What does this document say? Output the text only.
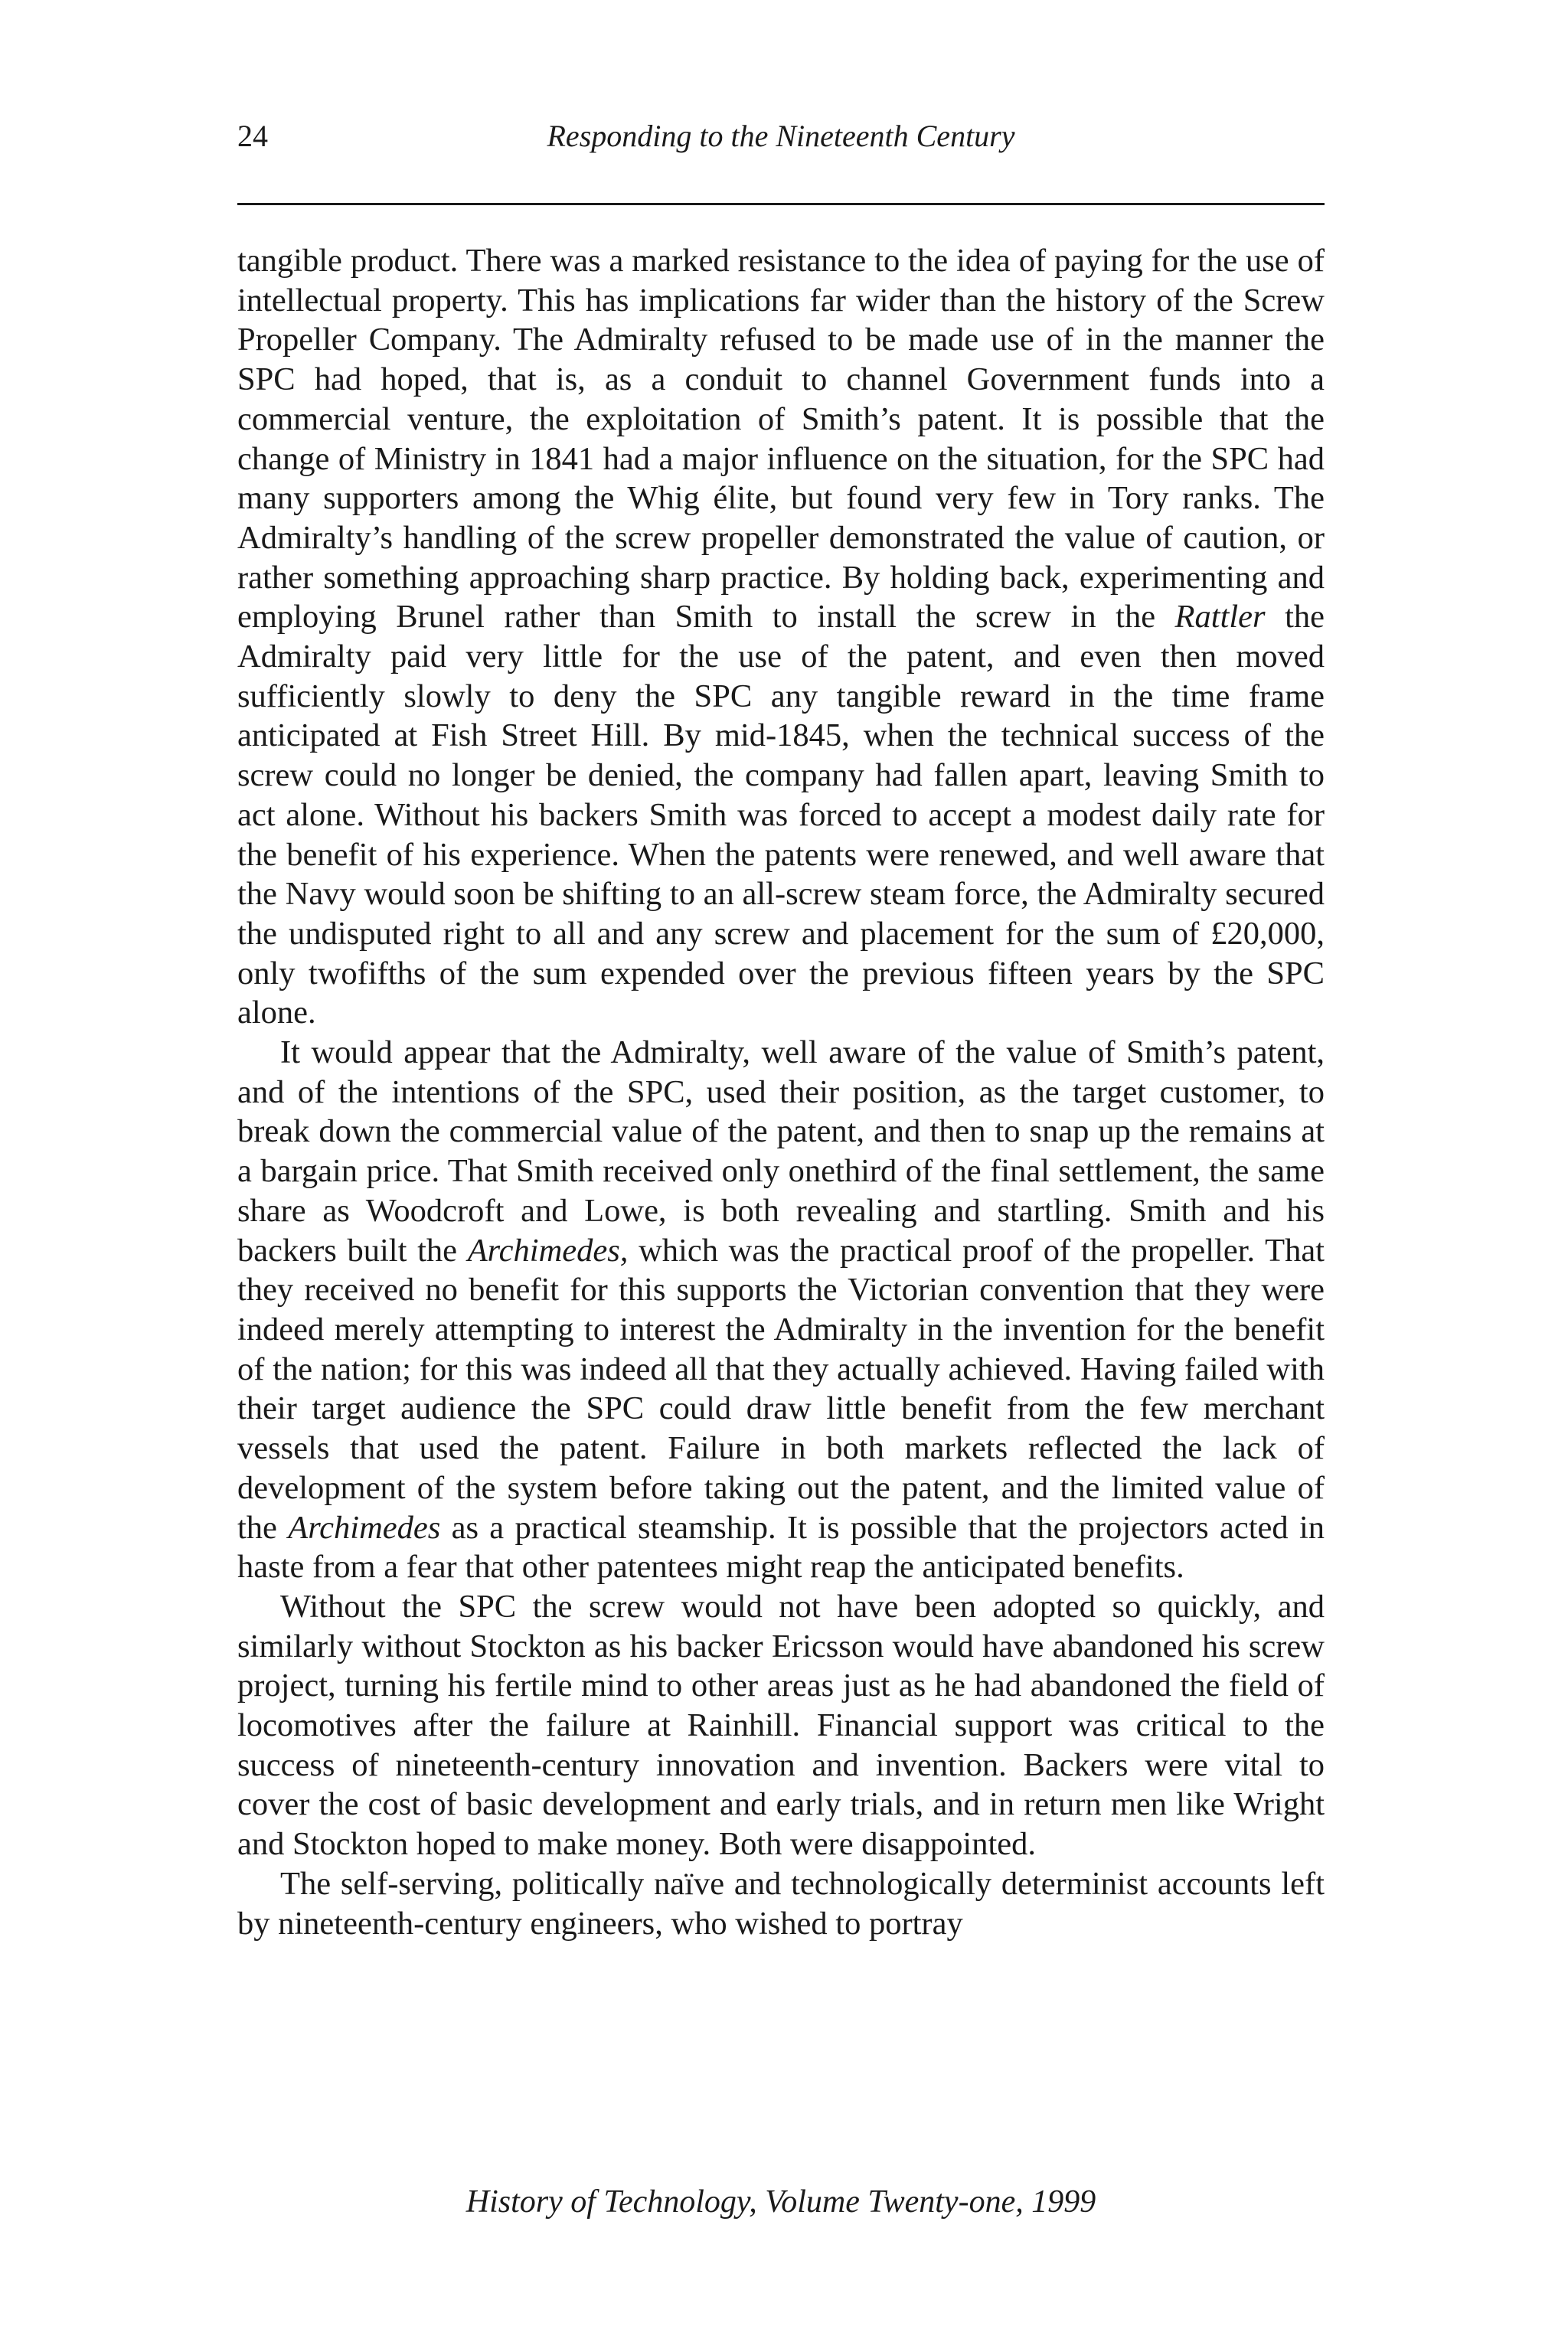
24	Responding to the Nineteenth Century

tangible product. There was a marked resistance to the idea of paying for the use of intellectual property. This has implications far wider than the history of the Screw Propeller Company. The Admiralty refused to be made use of in the manner the SPC had hoped, that is, as a conduit to channel Government funds into a commercial venture, the exploitation of Smith’s patent. It is possible that the change of Ministry in 1841 had a major influence on the situation, for the SPC had many supporters among the Whig élite, but found very few in Tory ranks. The Admiralty’s handling of the screw propeller demonstrated the value of caution, or rather something approaching sharp practice. By holding back, experimenting and employing Brunel rather than Smith to install the screw in the Rattler the Admiralty paid very little for the use of the patent, and even then moved sufficiently slowly to deny the SPC any tangible reward in the time frame anticipated at Fish Street Hill. By mid-1845, when the technical success of the screw could no longer be denied, the company had fallen apart, leaving Smith to act alone. Without his backers Smith was forced to accept a modest daily rate for the benefit of his experience. When the patents were renewed, and well aware that the Navy would soon be shifting to an all-screw steam force, the Admiralty secured the undisputed right to all and any screw and placement for the sum of £20,000, only twofifths of the sum expended over the previous fifteen years by the SPC alone.

It would appear that the Admiralty, well aware of the value of Smith’s patent, and of the intentions of the SPC, used their position, as the target customer, to break down the commercial value of the patent, and then to snap up the remains at a bargain price. That Smith received only onethird of the final settlement, the same share as Woodcroft and Lowe, is both revealing and startling. Smith and his backers built the Archimedes, which was the practical proof of the propeller. That they received no benefit for this supports the Victorian convention that they were indeed merely attempting to interest the Admiralty in the invention for the benefit of the nation; for this was indeed all that they actually achieved. Having failed with their target audience the SPC could draw little benefit from the few merchant vessels that used the patent. Failure in both markets reflected the lack of development of the system before taking out the patent, and the limited value of the Archimedes as a practical steamship. It is possible that the projectors acted in haste from a fear that other patentees might reap the anticipated benefits.

Without the SPC the screw would not have been adopted so quickly, and similarly without Stockton as his backer Ericsson would have abandoned his screw project, turning his fertile mind to other areas just as he had abandoned the field of locomotives after the failure at Rainhill. Financial support was critical to the success of nineteenth-century innovation and invention. Backers were vital to cover the cost of basic development and early trials, and in return men like Wright and Stockton hoped to make money. Both were disappointed.

The self-serving, politically naïve and technologically determinist accounts left by nineteenth-century engineers, who wished to portray

History of Technology, Volume Twenty-one, 1999
